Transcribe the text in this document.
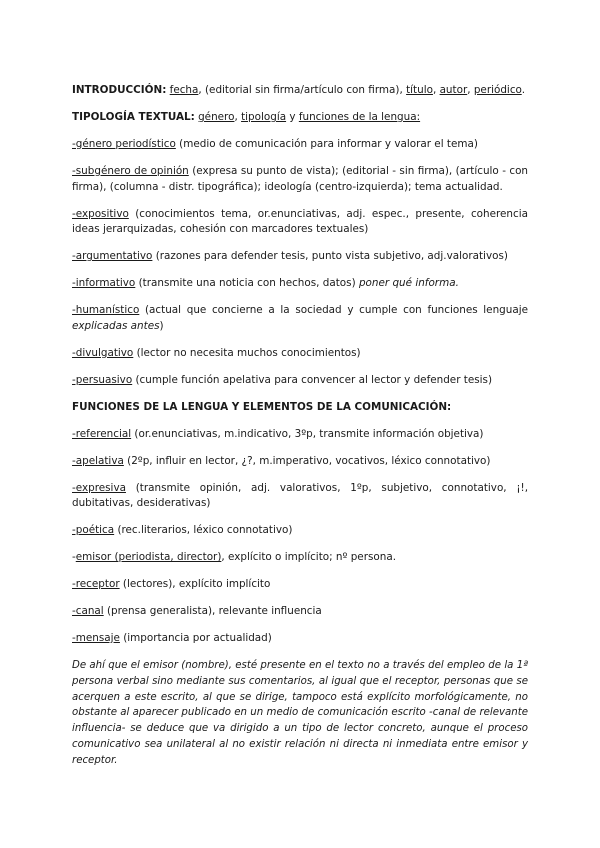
INTRODUCCIÓN: fecha, (editorial sin firma/artículo con firma), título, autor, periódico.

TIPOLOGÍA TEXTUAL: género, tipología y funciones de la lengua:

-género periodístico (medio de comunicación para informar y valorar el tema)

-subgénero de opinión (expresa su punto de vista); (editorial - sin firma), (artículo - con firma), (columna - distr. tipográfica); ideología (centro-izquierda); tema actualidad.

-expositivo (conocimientos tema, or.enunciativas, adj. espec., presente, coherencia ideas jerarquizadas, cohesión con marcadores textuales)

-argumentativo (razones para defender tesis, punto vista subjetivo, adj.valorativos)

-informativo (transmite una noticia con hechos, datos) poner qué informa.

-humanístico (actual que concierne a la sociedad y cumple con funciones lenguaje explicadas antes)

-divulgativo (lector no necesita muchos conocimientos)

-persuasivo (cumple función apelativa para convencer al lector y defender tesis)

FUNCIONES DE LA LENGUA Y ELEMENTOS DE LA COMUNICACIÓN:

-referencial (or.enunciativas, m.indicativo, 3ºp, transmite información objetiva)

-apelativa (2ºp, influir en lector, ¿?, m.imperativo, vocativos, léxico connotativo)

-expresiva (transmite opinión, adj. valorativos, 1ºp, subjetivo, connotativo, ¡!, dubitativas, desiderativas)

-poética (rec.literarios, léxico connotativo)

-emisor (periodista, director), explícito o implícito; nº persona.

-receptor (lectores), explícito implícito

-canal (prensa generalista), relevante influencia

-mensaje (importancia por actualidad)

De ahí que el emisor (nombre), esté presente en el texto no a través del empleo de la 1ª persona verbal sino mediante sus comentarios, al igual que el receptor, personas que se acerquen a este escrito, al que se dirige, tampoco está explícito morfológicamente, no obstante al aparecer publicado en un medio de comunicación escrito -canal de relevante influencia- se deduce que va dirigido a un tipo de lector concreto, aunque el proceso comunicativo sea unilateral al no existir relación ni directa ni inmediata entre emisor y receptor.
